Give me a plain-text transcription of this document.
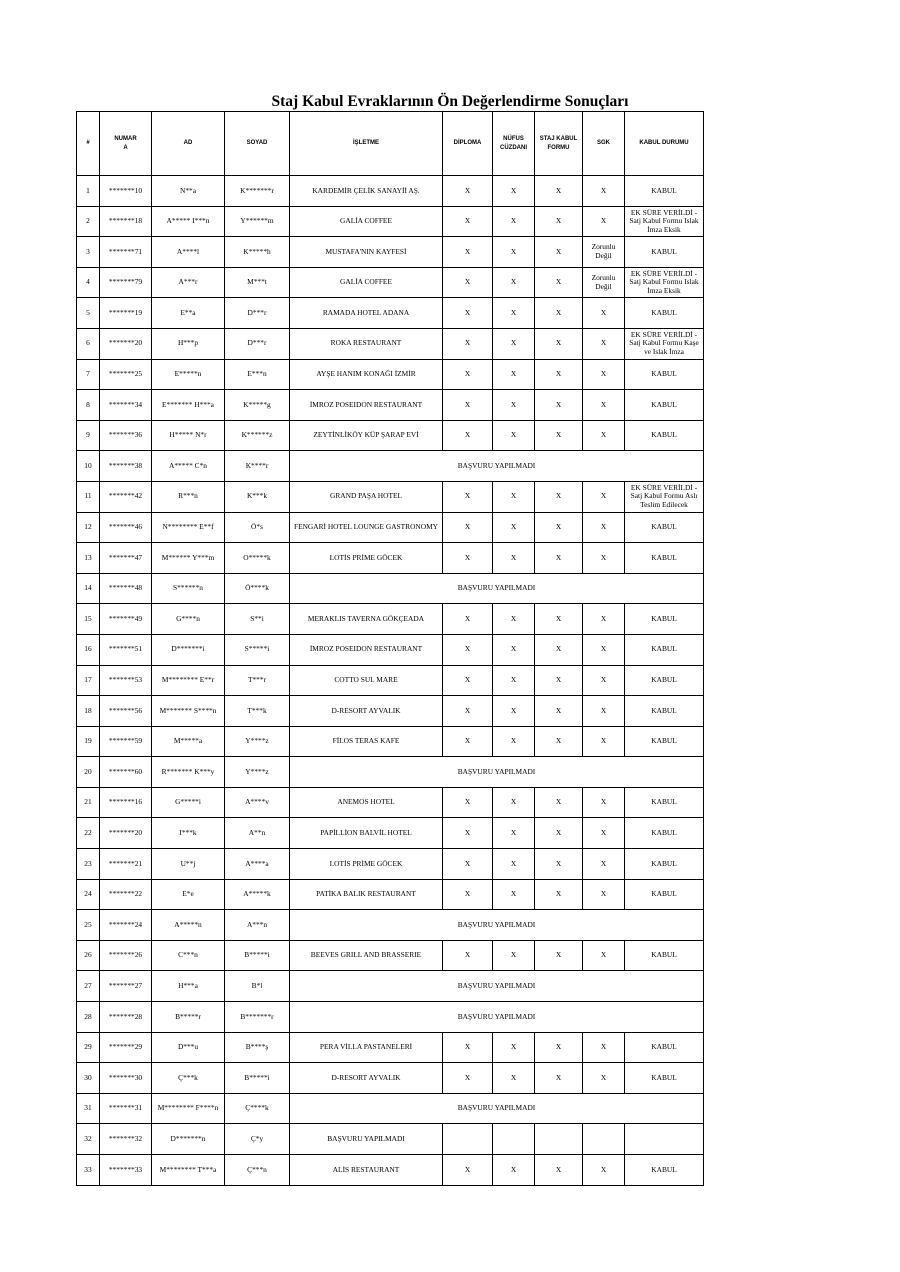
Staj Kabul Evraklarının Ön Değerlendirme Sonuçları
#	NUMAR A	AD	SOYAD	İŞLETME	DİPLOMA	NÜFUS CÜZDANI	STAJ KABUL FORMU	SGK	KABUL DURUMU
1	*******10	N**a	K*******r	KARDEMİR ÇELİK SANAYİİ AŞ.	X	X	X	X	KABUL
2	*******18	A***** I***n	Y******m	GALİA COFFEE	X	X	X	X	EK SÜRE VERİLDİ - Satj Kabul Formu Islak İmza Eksik
3	*******71	A****l	K*****h	MUSTAFA'NIN KAYFESİ	X	X	X	Zorunlu Değil	KABUL
4	*******79	A***r	M***t	GALİA COFFEE	X	X	X	Zorunlu Değil	EK SÜRE VERİLDİ - Satj Kabul Formu Islak İmza Eksik
5	*******19	E**a	D***r	RAMADA HOTEL ADANA	X	X	X	X	KABUL
6	*******20	H***p	D***r	ROKA RESTAURANT	X	X	X	X	EK SÜRE VERİLDİ - Satj Kabul Formu Kaşe ve Islak İmza
7	*******25	E*****n	E***n	AYŞE HANIM KONAĞI İZMİR	X	X	X	X	KABUL
8	*******34	E******* H***a	K*****g	İMROZ POSEIDON RESTAURANT	X	X	X	X	KABUL
9	*******36	H***** N*r	K******z	ZEYTİNLİKÖY KÜP ŞARAP EVİ	X	X	X	X	KABUL
10	*******38	A***** C*n	K****r	BAŞVURU YAPILMADI					
11	*******42	R***n	K***k	GRAND PAŞA HOTEL	X	X	X	X	EK SÜRE VERİLDİ - Satj Kabul Formu Aslı Teslim Edilecek
12	*******46	N******** E**f	Ö*s	FENGARİ HOTEL LOUNGE GASTRONOMY	X	X	X	X	KABUL
13	*******47	M****** Y***m	O*****k	LOTİS PRİME GÖCEK	X	X	X	X	KABUL
14	*******48	S******n	Ö****k	BAŞVURU YAPILMADI					
15	*******49	G****n	S**i	MERAKLIS TAVERNA GÖKÇEADA	X	X	X	X	KABUL
16	*******51	D*******i	S*****i	İMROZ POSEIDON RESTAURANT	X	X	X	X	KABUL
17	*******53	M******** E**r	T***r	COTTO SUL MARE	X	X	X	X	KABUL
18	*******56	M******* S****n	T***k	D-RESORT AYVALIK	X	X	X	X	KABUL
19	*******59	M*****a	Y****z	FİLOS TERAS KAFE	X	X	X	X	KABUL
20	*******60	R******* K***y	Y****z	BAŞVURU YAPILMADI					
21	*******16	G*****i	A****v	ANEMOS HOTEL	X	X	X	X	KABUL
22	*******20	I***k	A**n	PAPİLLİON BALVİL HOTEL	X	X	X	X	KABUL
23	*******21	U**j	A****a	LOTİS PRİME GÖCEK	X	X	X	X	KABUL
24	*******22	E*e	A*****k	PATİKA BALIK RESTAURANT	X	X	X	X	KABUL
25	*******24	A*****n	A***n	BAŞVURU YAPILMADI					
26	*******26	C***n	B*****i	BEEVES GRILL AND BRASSERIE	X	X	X	X	KABUL
27	*******27	H***a	B*l	BAŞVURU YAPILMADI					
28	*******28	B*****r	B*******r	BAŞVURU YAPILMADI					
29	*******29	D***u	B****ş	PERA VİLLA PASTANELERİ	X	X	X	X	KABUL
30	*******30	Ç***k	B*****i	D-RESORT AYVALIK	X	X	X	X	KABUL
31	*******31	M******** F****n	Ç****k	BAŞVURU YAPILMADI					
32	*******32	D*******n	Ç*y	BAŞVURU YAPILMADI					
33	*******33	M******** T***a	Ç***n	ALİS RESTAURANT	X	X	X	X	KABUL
